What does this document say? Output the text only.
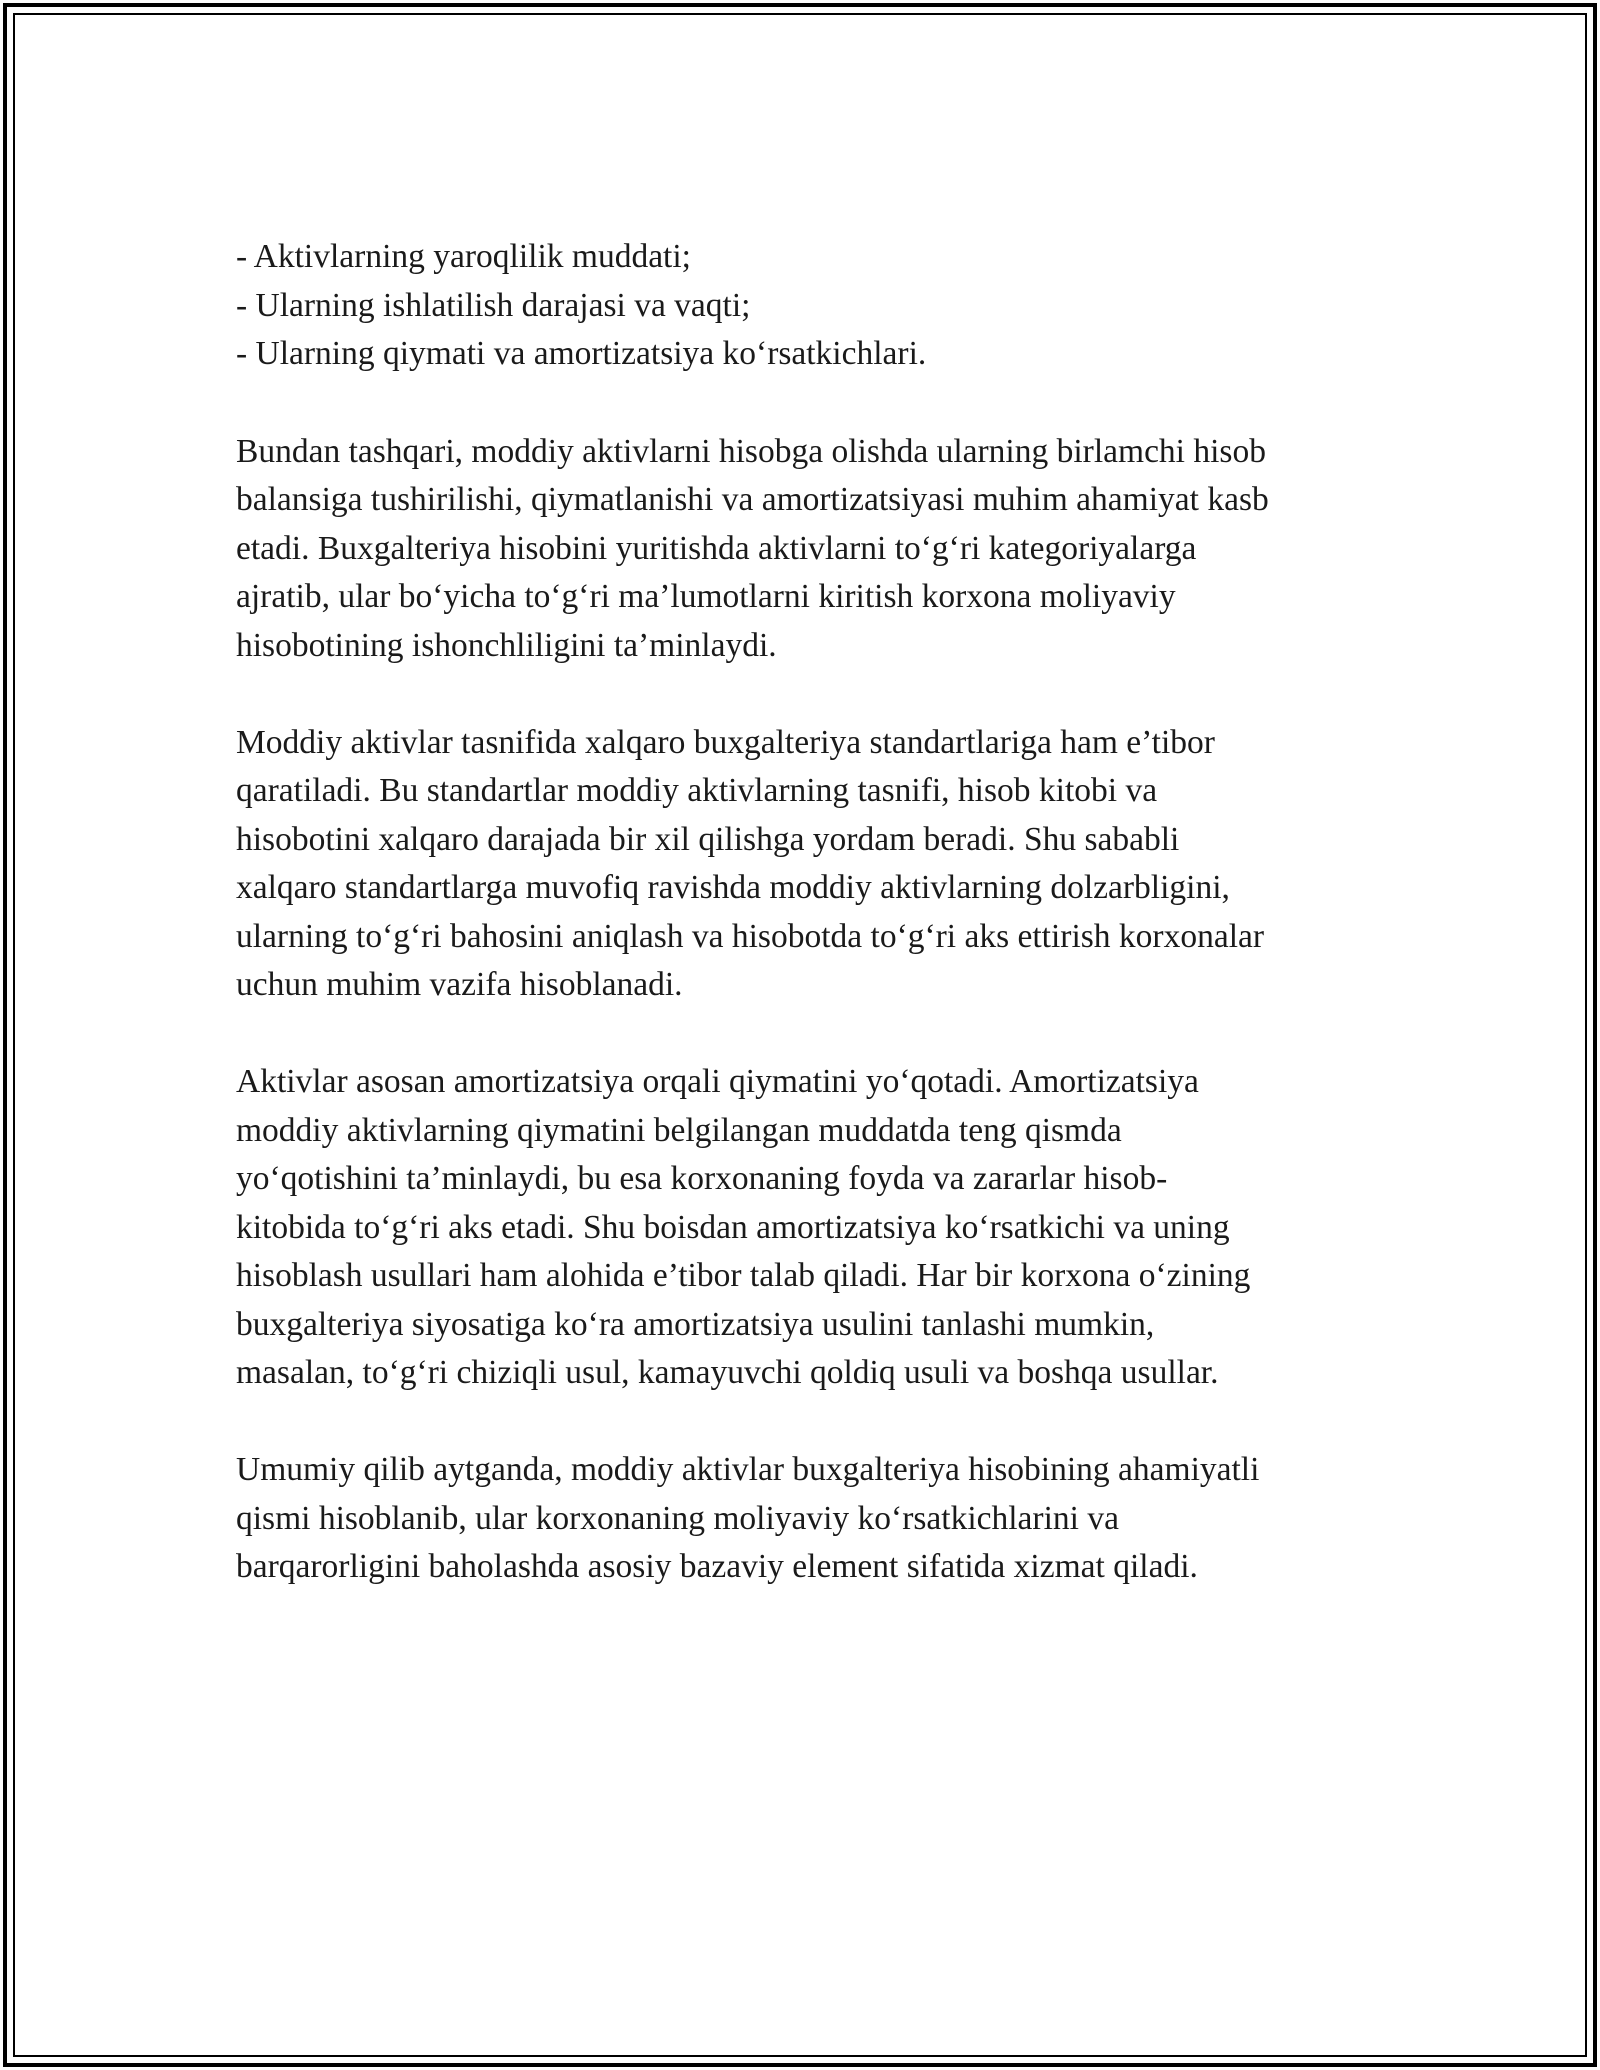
- Aktivlarning yaroqlilik muddati;
- Ularning ishlatilish darajasi va vaqti;
- Ularning qiymati va amortizatsiya ko‘rsatkichlari.

Bundan tashqari, moddiy aktivlarni hisobga olishda ularning birlamchi hisob
balansiga tushirilishi, qiymatlanishi va amortizatsiyasi muhim ahamiyat kasb
etadi. Buxgalteriya hisobini yuritishda aktivlarni to‘g‘ri kategoriyalarga
ajratib, ular bo‘yicha to‘g‘ri ma’lumotlarni kiritish korxona moliyaviy
hisobotining ishonchliligini ta’minlaydi.

Moddiy aktivlar tasnifida xalqaro buxgalteriya standartlariga ham e’tibor
qaratiladi. Bu standartlar moddiy aktivlarning tasnifi, hisob kitobi va
hisobotini xalqaro darajada bir xil qilishga yordam beradi. Shu sababli
xalqaro standartlarga muvofiq ravishda moddiy aktivlarning dolzarbligini,
ularning to‘g‘ri bahosini aniqlash va hisobotda to‘g‘ri aks ettirish korxonalar
uchun muhim vazifa hisoblanadi.

Aktivlar asosan amortizatsiya orqali qiymatini yo‘qotadi. Amortizatsiya
moddiy aktivlarning qiymatini belgilangan muddatda teng qismda
yo‘qotishini ta’minlaydi, bu esa korxonaning foyda va zararlar hisob-
kitobida to‘g‘ri aks etadi. Shu boisdan amortizatsiya ko‘rsatkichi va uning
hisoblash usullari ham alohida e’tibor talab qiladi. Har bir korxona o‘zining
buxgalteriya siyosatiga ko‘ra amortizatsiya usulini tanlashi mumkin,
masalan, to‘g‘ri chiziqli usul, kamayuvchi qoldiq usuli va boshqa usullar.

Umumiy qilib aytganda, moddiy aktivlar buxgalteriya hisobining ahamiyatli
qismi hisoblanib, ular korxonaning moliyaviy ko‘rsatkichlarini va
barqarorligini baholashda asosiy bazaviy element sifatida xizmat qiladi.
